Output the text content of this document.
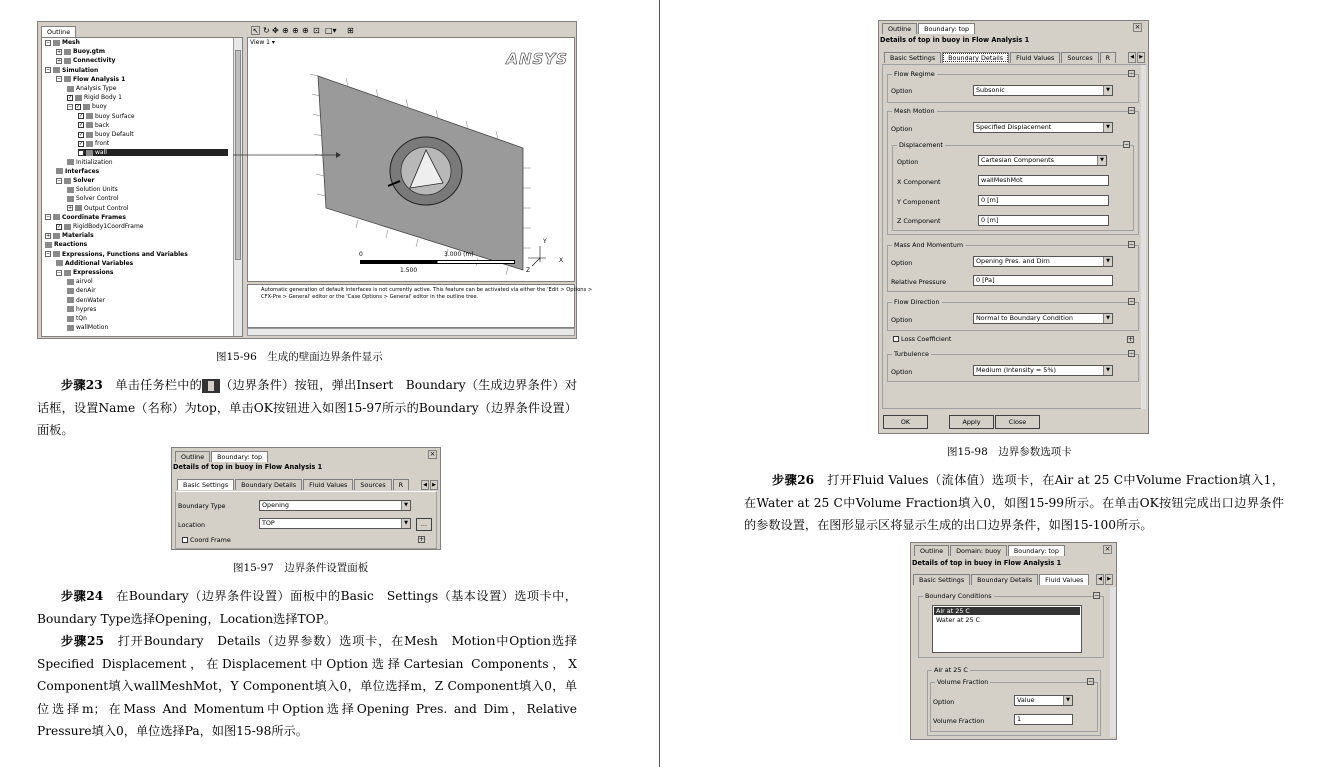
Outline
− Mesh
+ Buoy.gtm
+ Connectivity
− Simulation
− Flow Analysis 1
Analysis Type
✓ Rigid Body 1
− ✓ buoy
✓ buoy Surface
✓ back
✓ buoy Default
✓ front
✓ wall
Initialization
Interfaces
− Solver
Solution Units
Solver Control
+ Output Control
− Coordinate Frames
✓ RigidBody1CoordFrame
+ Materials
Reactions
− Expressions, Functions and Variables
Additional Variables
− Expressions
airvol
denAir
denWater
hypres
tQn
wallMotion
↖ ↻ ✥ ⊕ ⊕ ⊕ ⊡ □▾ ⊞
View 1 ▾
ANSYS
0	3.000 (m)
1.500
Y
X
Z
Automatic generation of default interfaces is not currently active. This feature can be activated via either the 'Edit > Options >
CFX-Pre > General' editor or the 'Case Options > General' editor in the outline tree.
图15-96　生成的壁面边界条件显示
步骤23　单击任务栏中的 （边界条件）按钮，弹出Insert　Boundary（生成边界条件）对话框，设置Name（名称）为top，单击OK按钮进入如图15-97所示的Boundary（边界条件设置）面板。
Outline	Boundary: top	×
Details of top in buoy in Flow Analysis 1
Basic Settings	Boundary Details	Fluid Values	Sources	R	◀	▶
Boundary Type	Opening	▼
Location	TOP	▼	…
Coord Frame	+
图15-97　边界条件设置面板
步骤24　在Boundary（边界条件设置）面板中的Basic　Settings（基本设置）选项卡中，Boundary Type选择Opening，Location选择TOP。
步骤25　打开Boundary　Details（边界参数）选项卡，在Mesh　Motion中Option选择Specified Displacement，在Displacement中Option选择Cartesian Components，X Component填入wallMeshMot，Y Component填入0，单位选择m，Z Component填入0，单位选择m；在Mass And Momentum中Option选择Opening Pres. and Dim，Relative Pressure填入0，单位选择Pa，如图15-98所示。
Outline	Boundary: top	×
Details of top in buoy in Flow Analysis 1
Basic Settings	Boundary Details	Fluid Values	Sources	R	◀	▶
Flow Regime	−
Option	Subsonic	▼
Mesh Motion	−
Option	Specified Displacement	▼
Displacement	−
Option	Cartesian Components	▼
X Component	wallMeshMot
Y Component	0 [m]
Z Component	0 [m]
Mass And Momentum	−
Option	Opening Pres. and Dirn	▼
Relative Pressure	0 [Pa]
Flow Direction	−
Option	Normal to Boundary Condition	▼
Loss Coefficient	+
Turbulence	−
Option	Medium (Intensity = 5%)	▼
OK	Apply	Close
图15-98　边界参数选项卡
步骤26　打开Fluid Values（流体值）选项卡，在Air at 25 C中Volume Fraction填入1，在Water at 25 C中Volume Fraction填入0，如图15-99所示。在单击OK按钮完成出口边界条件的参数设置，在图形显示区将显示生成的出口边界条件，如图15-100所示。
Outline	Domain: buoy	Boundary: top	×
Details of top in buoy in Flow Analysis 1
Basic Settings	Boundary Details	Fluid Values	◀	▶
Boundary Conditions	−
Air at 25 C
Water at 25 C
Air at 25 C
Volume Fraction	−
Option	Value	▼
Volume Fraction	1
